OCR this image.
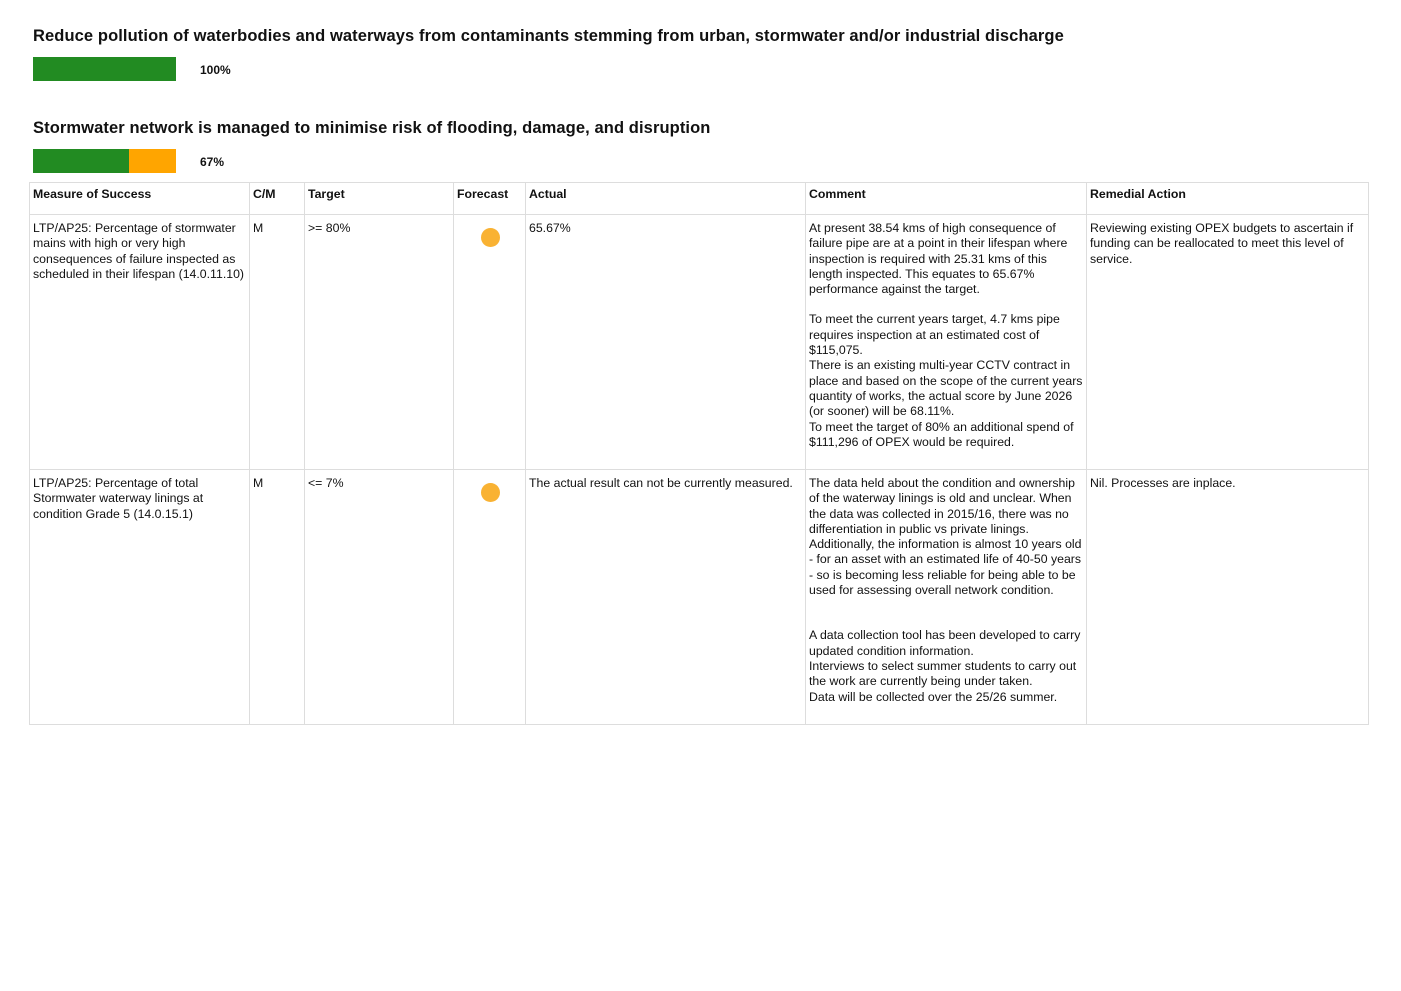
Reduce pollution of waterbodies and waterways from contaminants stemming from urban, stormwater and/or industrial discharge
100%
Stormwater network is managed to minimise risk of flooding, damage, and disruption
67%
Measure of Success	C/M	Target	Forecast	Actual	Comment	Remedial Action
LTP/AP25: Percentage of stormwater mains with high or very high consequences of failure inspected as scheduled in their lifespan (14.0.11.10)	M	>= 80%		65.67%	At present 38.54 kms of high consequence of failure pipe are at a point in their lifespan where inspection is required with 25.31 kms of this length inspected. This equates to 65.67% performance against the target.
To meet the current years target, 4.7 kms pipe requires inspection at an estimated cost of $115,075.
There is an existing multi-year CCTV contract in place and based on the scope of the current years quantity of works, the actual score by June 2026 (or sooner) will be 68.11%.
To meet the target of 80% an additional spend of $111,296 of OPEX would be required.	Reviewing existing OPEX budgets to ascertain if funding can be reallocated to meet this level of service.
LTP/AP25: Percentage of total Stormwater waterway linings at condition Grade 5 (14.0.15.1)	M	<= 7%		The actual result can not be currently measured.	The data held about the condition and ownership of the waterway linings is old and unclear. When the data was collected in 2015/16, there was no differentiation in public vs private linings. Additionally, the information is almost 10 years old - for an asset with an estimated life of 40-50 years - so is becoming less reliable for being able to be used for assessing overall network condition.
A data collection tool has been developed to carry updated condition information.
Interviews to select summer students to carry out the work are currently being under taken.
Data will be collected over the 25/26 summer.	Nil. Processes are inplace.
